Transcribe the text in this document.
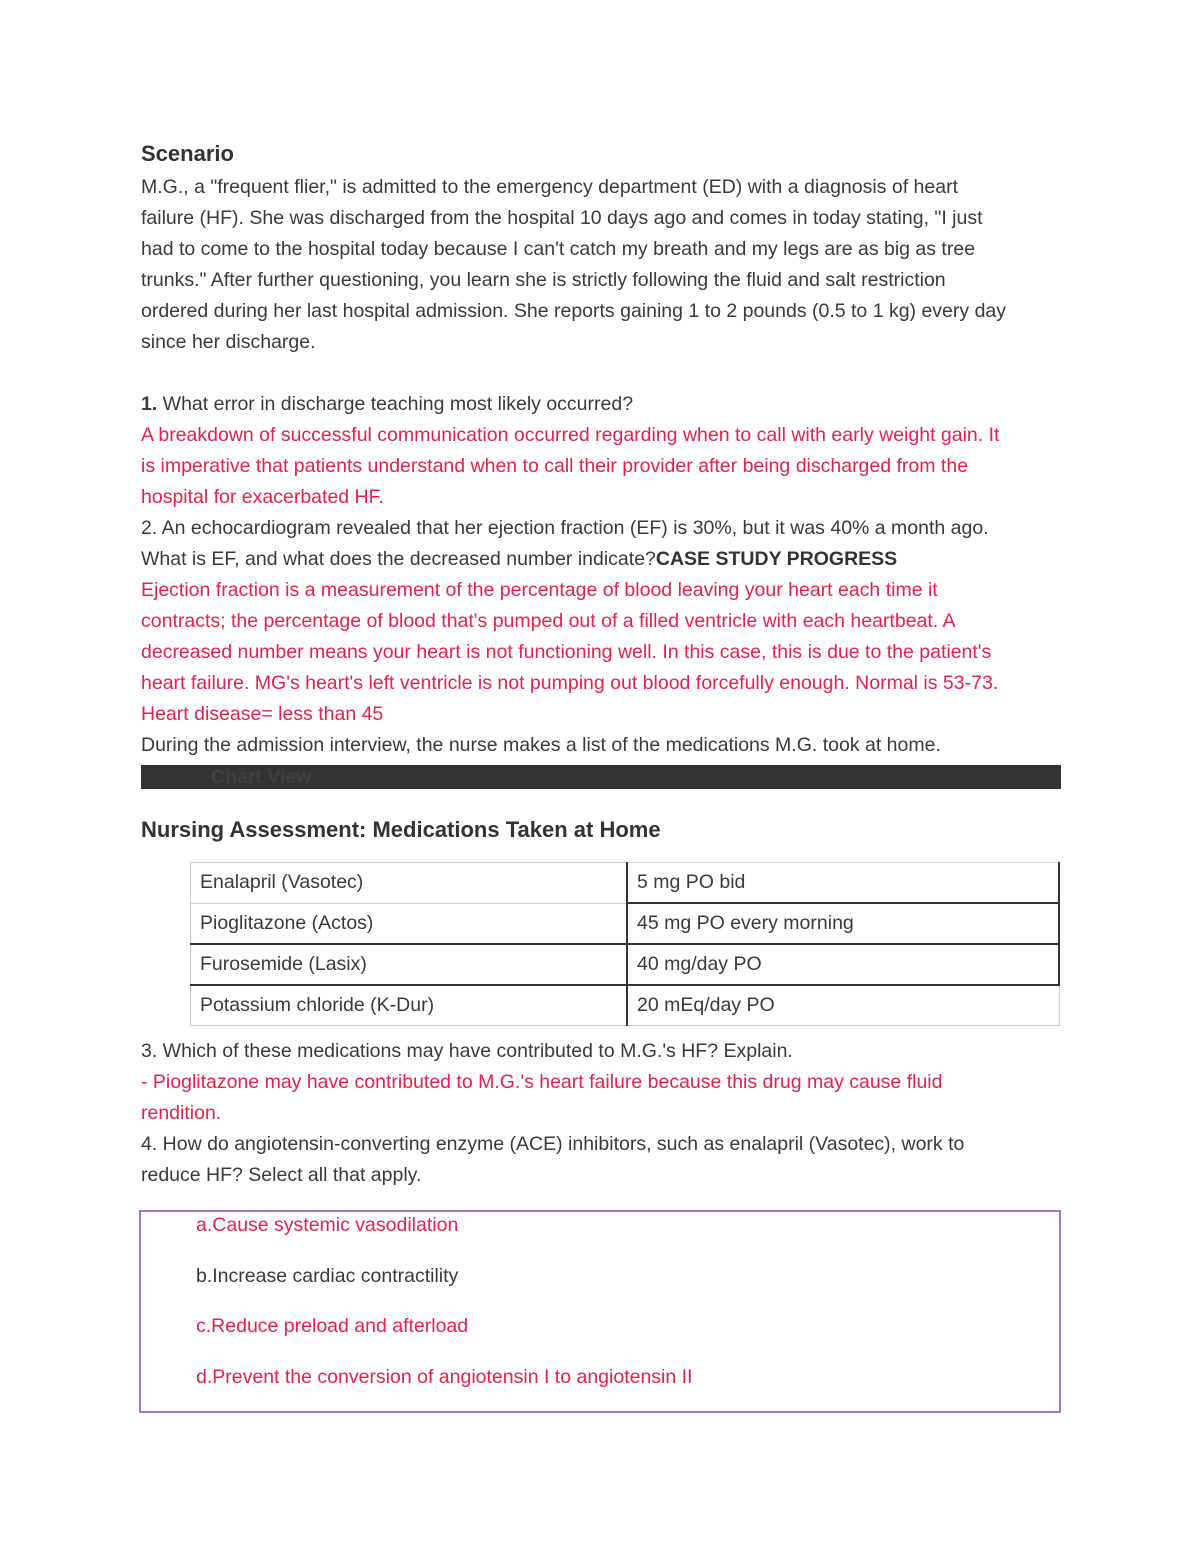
Scenario

M.G., a "frequent flier," is admitted to the emergency department (ED) with a diagnosis of heart

failure (HF). She was discharged from the hospital 10 days ago and comes in today stating, "I just

had to come to the hospital today because I can't catch my breath and my legs are as big as tree

trunks." After further questioning, you learn she is strictly following the fluid and salt restriction

ordered during her last hospital admission. She reports gaining 1 to 2 pounds (0.5 to 1 kg) every day

since her discharge.

1. What error in discharge teaching most likely occurred?

A breakdown of successful communication occurred regarding when to call with early weight gain. It

is imperative that patients understand when to call their provider after being discharged from the

hospital for exacerbated HF.

2. An echocardiogram revealed that her ejection fraction (EF) is 30%, but it was 40% a month ago.

What is EF, and what does the decreased number indicate?CASE STUDY PROGRESS

Ejection fraction is a measurement of the percentage of blood leaving your heart each time it

contracts; the percentage of blood that's pumped out of a filled ventricle with each heartbeat. A

decreased number means your heart is not functioning well. In this case, this is due to the patient's

heart failure. MG's heart's left ventricle is not pumping out blood forcefully enough. Normal is 53-73.

Heart disease= less than 45

During the admission interview, the nurse makes a list of the medications M.G. took at home.

Chart View
Nursing Assessment: Medications Taken at Home
Enalapril (Vasotec)	5 mg PO bid
Pioglitazone (Actos)	45 mg PO every morning
Furosemide (Lasix)	40 mg/day PO
Potassium chloride (K-Dur)	20 mEq/day PO

3. Which of these medications may have contributed to M.G.'s HF? Explain.

- Pioglitazone may have contributed to M.G.'s heart failure because this drug may cause fluid

rendition.

4. How do angiotensin-converting enzyme (ACE) inhibitors, such as enalapril (Vasotec), work to

reduce HF? Select all that apply.

a.Cause systemic vasodilation
b.Increase cardiac contractility
c.Reduce preload and afterload
d.Prevent the conversion of angiotensin I to angiotensin II
